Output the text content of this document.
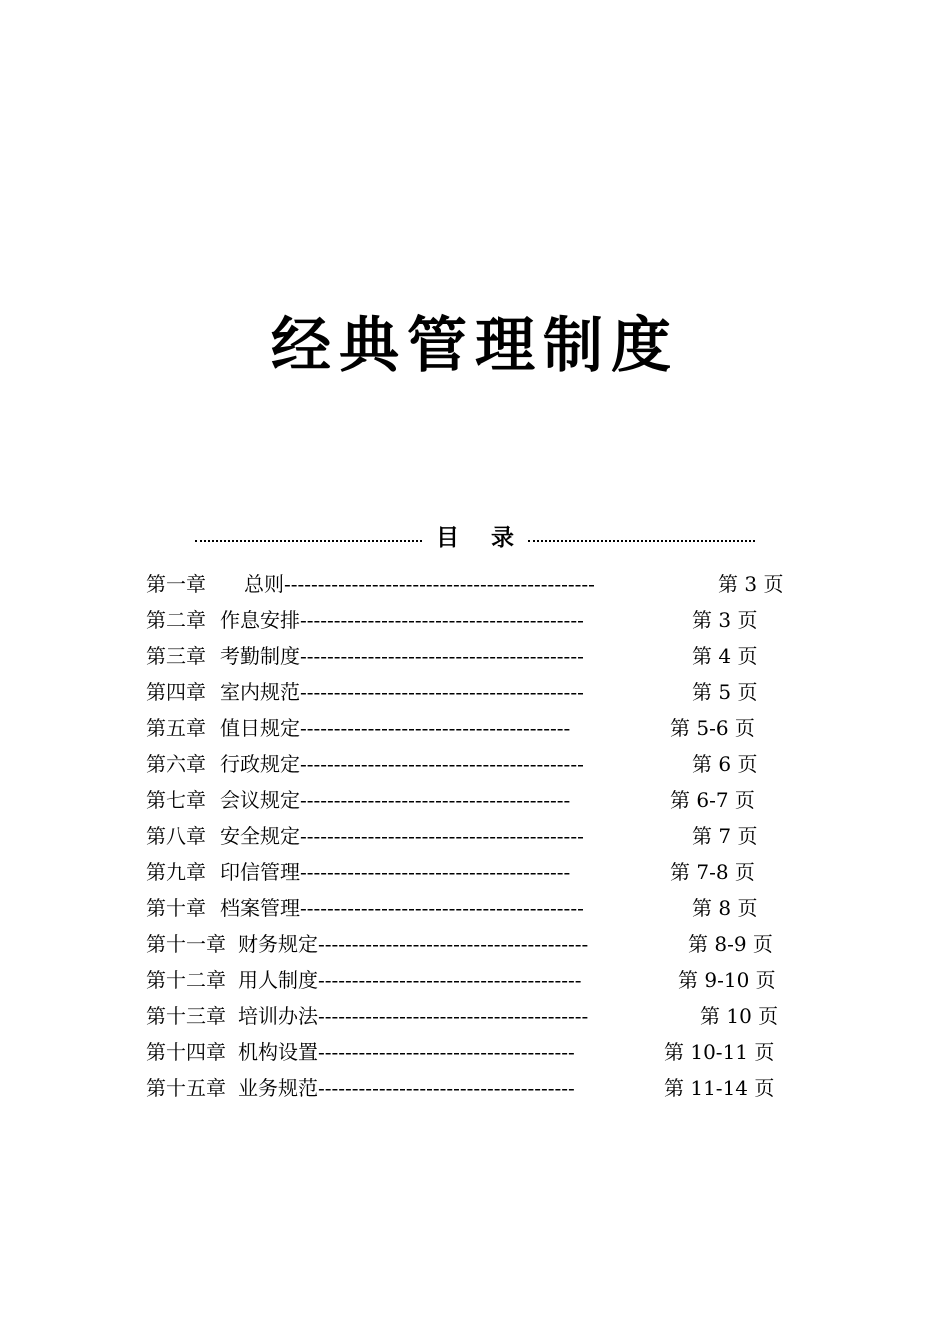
经典管理制度
目 录
第一章 总则 ----------------------------------------------	第 3 页
第二章 作息安排 ------------------------------------------	第 3 页
第三章 考勤制度 ------------------------------------------	第 4 页
第四章 室内规范 ------------------------------------------	第 5 页
第五章 值日规定 ----------------------------------------	第 5-6 页
第六章 行政规定 ------------------------------------------	第 6 页
第七章 会议规定 ----------------------------------------	第 6-7 页
第八章 安全规定 ------------------------------------------	第 7 页
第九章 印信管理 ----------------------------------------	第 7-8 页
第十章 档案管理 ------------------------------------------	第 8 页
第十一章 财务规定 ----------------------------------------	第 8-9 页
第十二章 用人制度 ---------------------------------------	第 9-10 页
第十三章 培训办法 ----------------------------------------	第 10 页
第十四章 机构设置 --------------------------------------	第 10-11 页
第十五章 业务规范 --------------------------------------	第 11-14 页
